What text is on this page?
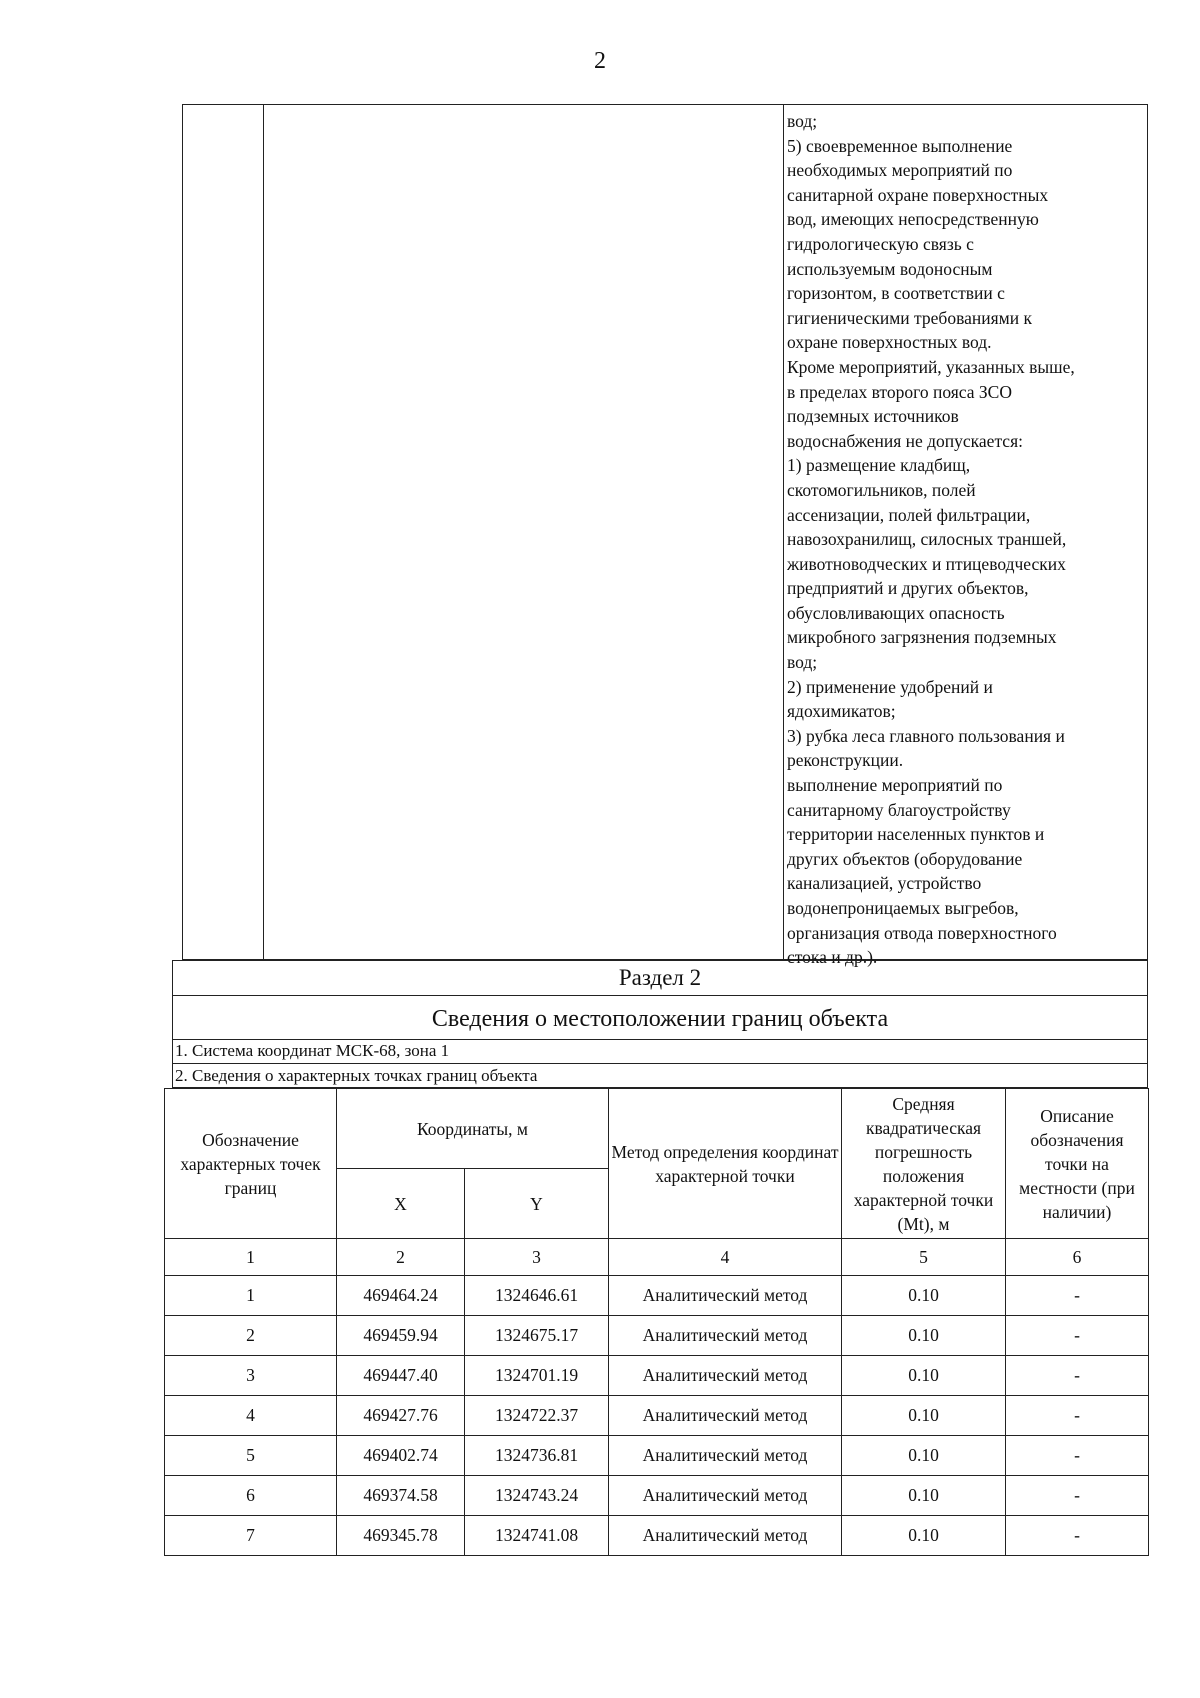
2
вод;
5) своевременное выполнение
необходимых мероприятий по
санитарной охране поверхностных
вод, имеющих непосредственную
гидрологическую связь с
используемым водоносным
горизонтом, в соответствии с
гигиеническими требованиями к
охране поверхностных вод.
Кроме мероприятий, указанных выше,
в пределах второго пояса ЗСО
подземных источников
водоснабжения не допускается:
1) размещение кладбищ,
скотомогильников, полей
ассенизации, полей фильтрации,
навозохранилищ, силосных траншей,
животноводческих и птицеводческих
предприятий и других объектов,
обусловливающих опасность
микробного загрязнения подземных
вод;
2) применение удобрений и
ядохимикатов;
3) рубка леса главного пользования и
реконструкции.
выполнение мероприятий по
санитарному благоустройству
территории населенных пунктов и
других объектов (оборудование
канализацией, устройство
водонепроницаемых выгребов,
организация отвода поверхностного
стока и др.).
Раздел 2
Сведения о местоположении границ объекта
1. Система координат МСК-68, зона 1
2. Сведения о характерных точках границ объекта
Обозначение характерных точек границ	Координаты, м		Метод определения координат характерной точки	Средняя квадратическая погрешность положения характерной точки (Mt), м	Описание обозначения точки на местности (при наличии)
	X	Y			
1	2	3	4	5	6
1	469464.24	1324646.61	Аналитический метод	0.10	-
2	469459.94	1324675.17	Аналитический метод	0.10	-
3	469447.40	1324701.19	Аналитический метод	0.10	-
4	469427.76	1324722.37	Аналитический метод	0.10	-
5	469402.74	1324736.81	Аналитический метод	0.10	-
6	469374.58	1324743.24	Аналитический метод	0.10	-
7	469345.78	1324741.08	Аналитический метод	0.10	-
